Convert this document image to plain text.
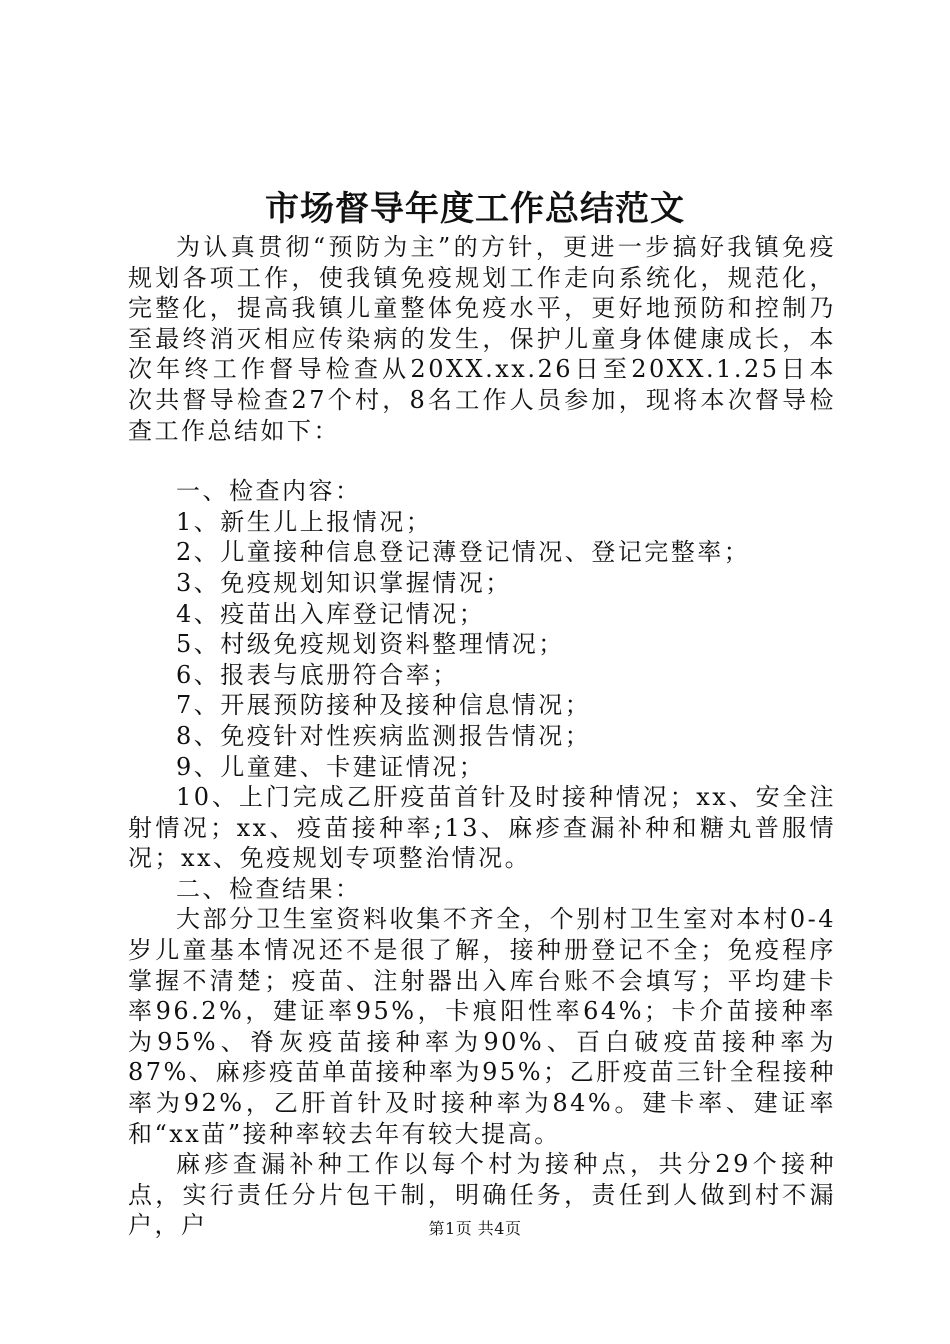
市场督导年度工作总结范文

为认真贯彻“预防为主”的方针，更进一步搞好我镇免疫规划各项工作，使我镇免疫规划工作走向系统化，规范化，完整化，提高我镇儿童整体免疫水平，更好地预防和控制乃至最终消灭相应传染病的发生，保护儿童身体健康成长，本次年终工作督导检查从20XX.xx.26日至20XX.1.25日本次共督导检查27个村，8名工作人员参加，现将本次督导检查工作总结如下：

一、检查内容：

1、新生儿上报情况；

2、儿童接种信息登记薄登记情况、登记完整率；

3、免疫规划知识掌握情况；

4、疫苗出入库登记情况；

5、村级免疫规划资料整理情况；

6、报表与底册符合率；

7、开展预防接种及接种信息情况；

8、免疫针对性疾病监测报告情况；

9、儿童建、卡建证情况；

10、上门完成乙肝疫苗首针及时接种情况；xx、安全注射情况；xx、疫苗接种率;13、麻疹查漏补种和糖丸普服情况；xx、免疫规划专项整治情况。

二、检查结果：

大部分卫生室资料收集不齐全，个别村卫生室对本村0-4岁儿童基本情况还不是很了解，接种册登记不全；免疫程序掌握不清楚；疫苗、注射器出入库台账不会填写；平均建卡率96.2%，建证率95%，卡痕阳性率64%；卡介苗接种率为95%、脊灰疫苗接种率为90%、百白破疫苗接种率为87%、麻疹疫苗单苗接种率为95%；乙肝疫苗三针全程接种率为92%，乙肝首针及时接种率为84%。建卡率、建证率和“xx苗”接种率较去年有较大提高。

麻疹查漏补种工作以每个村为接种点，共分29个接种点，实行责任分片包干制，明确任务，责任到人做到村不漏户，户	第1页 共4页
